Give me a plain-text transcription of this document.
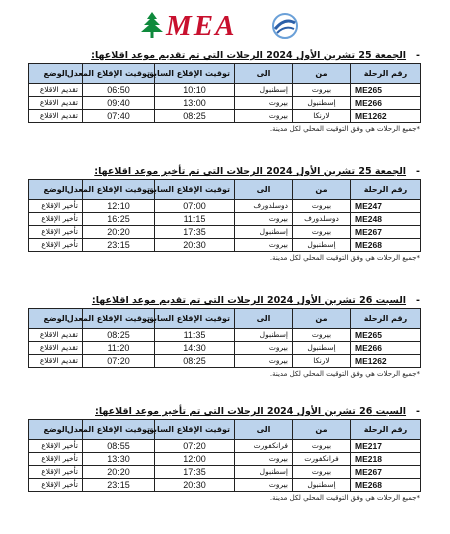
MEA
-الجمعة 25 تشرين الأول 2024 الرحلات التي تم تقديم موعد اقلاعها:
رقم الرحلة	من	الى	توقيت الإقلاع السابق	توقيت الإقلاع المعدل	الوضع
ME265	بيروت	إسطنبول	10:10	06:50	تقديم الاقلاع
ME266	إسطنبول	بيروت	13:00	09:40	تقديم الاقلاع
ME1262	لارنكا	بيروت	08:25	07:40	تقديم الاقلاع
*جميع الرحلات هي وفق التوقيت المحلي لكل مدينة.
-الجمعة 25 تشرين الأول 2024 الرحلات التي تم تأخير موعد اقلاعها:
رقم الرحلة	من	الى	توقيت الإقلاع السابق	توقيت الإقلاع المعدل	الوضع
ME247	بيروت	دوسلدورف	07:00	12:10	تأخير الإقلاع
ME248	دوسلدورف	بيروت	11:15	16:25	تأخير الإقلاع
ME267	بيروت	إسطنبول	17:35	20:20	تأخير الإقلاع
ME268	إسطنبول	بيروت	20:30	23:15	تأخير الإقلاع
*جميع الرحلات هي وفق التوقيت المحلي لكل مدينة.
-السبت 26 تشرين الأول 2024 الرحلات التي تم تقديم موعد اقلاعها:
رقم الرحلة	من	الى	توقيت الإقلاع السابق	توقيت الإقلاع المعدل	الوضع
ME265	بيروت	إسطنبول	11:35	08:25	تقديم الاقلاع
ME266	إسطنبول	بيروت	14:30	11:20	تقديم الاقلاع
ME1262	لارنكا	بيروت	08:25	07:20	تقديم الاقلاع
*جميع الرحلات هي وفق التوقيت المحلي لكل مدينة.
-السبت 26 تشرين الأول 2024 الرحلات التي تم تأخير موعد اقلاعها:
رقم الرحلة	من	الى	توقيت الإقلاع السابق	توقيت الإقلاع المعدل	الوضع
ME217	بيروت	فرانكفورت	07:20	08:55	تأخير الإقلاع
ME218	فرانكفورت	بيروت	12:00	13:30	تأخير الإقلاع
ME267	بيروت	إسطنبول	17:35	20:20	تأخير الإقلاع
ME268	إسطنبول	بيروت	20:30	23:15	تأخير الإقلاع
*جميع الرحلات هي وفق التوقيت المحلي لكل مدينة.
